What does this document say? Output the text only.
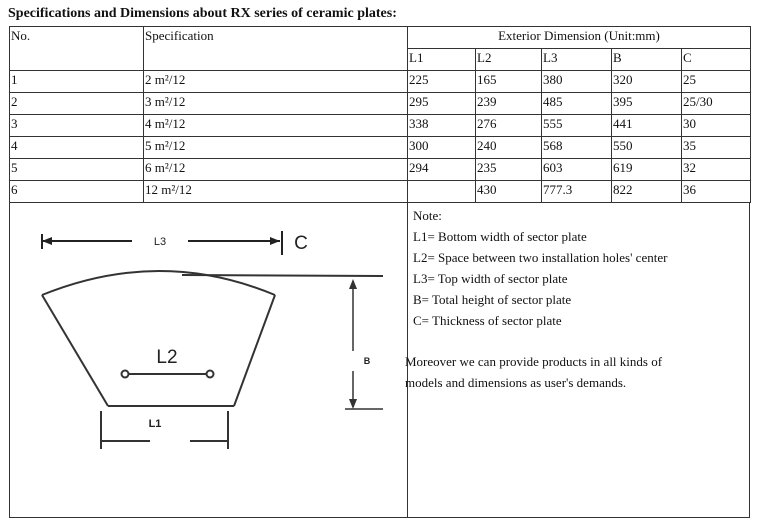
Specifications and Dimensions about RX series of ceramic plates:
No.	Specification	Exterior Dimension (Unit:mm)				
		L1	L2	L3	B	C
1	2 m²/12	225	165	380	320	25
2	3 m²/12	295	239	485	395	25/30
3	4 m²/12	338	276	555	441	30
4	5 m²/12	300	240	568	550	35
5	6 m²/12	294	235	603	619	32
6	12 m²/12		430	777.3	822	36
L3	C
L2	B
L1
Note:
L1= Bottom width of sector plate
L2= Space between two installation holes' center
L3= Top width of sector plate
B= Total height of sector plate
C= Thickness of sector plate
Moreover we can provide products in all kinds of
models and dimensions as user's demands.
